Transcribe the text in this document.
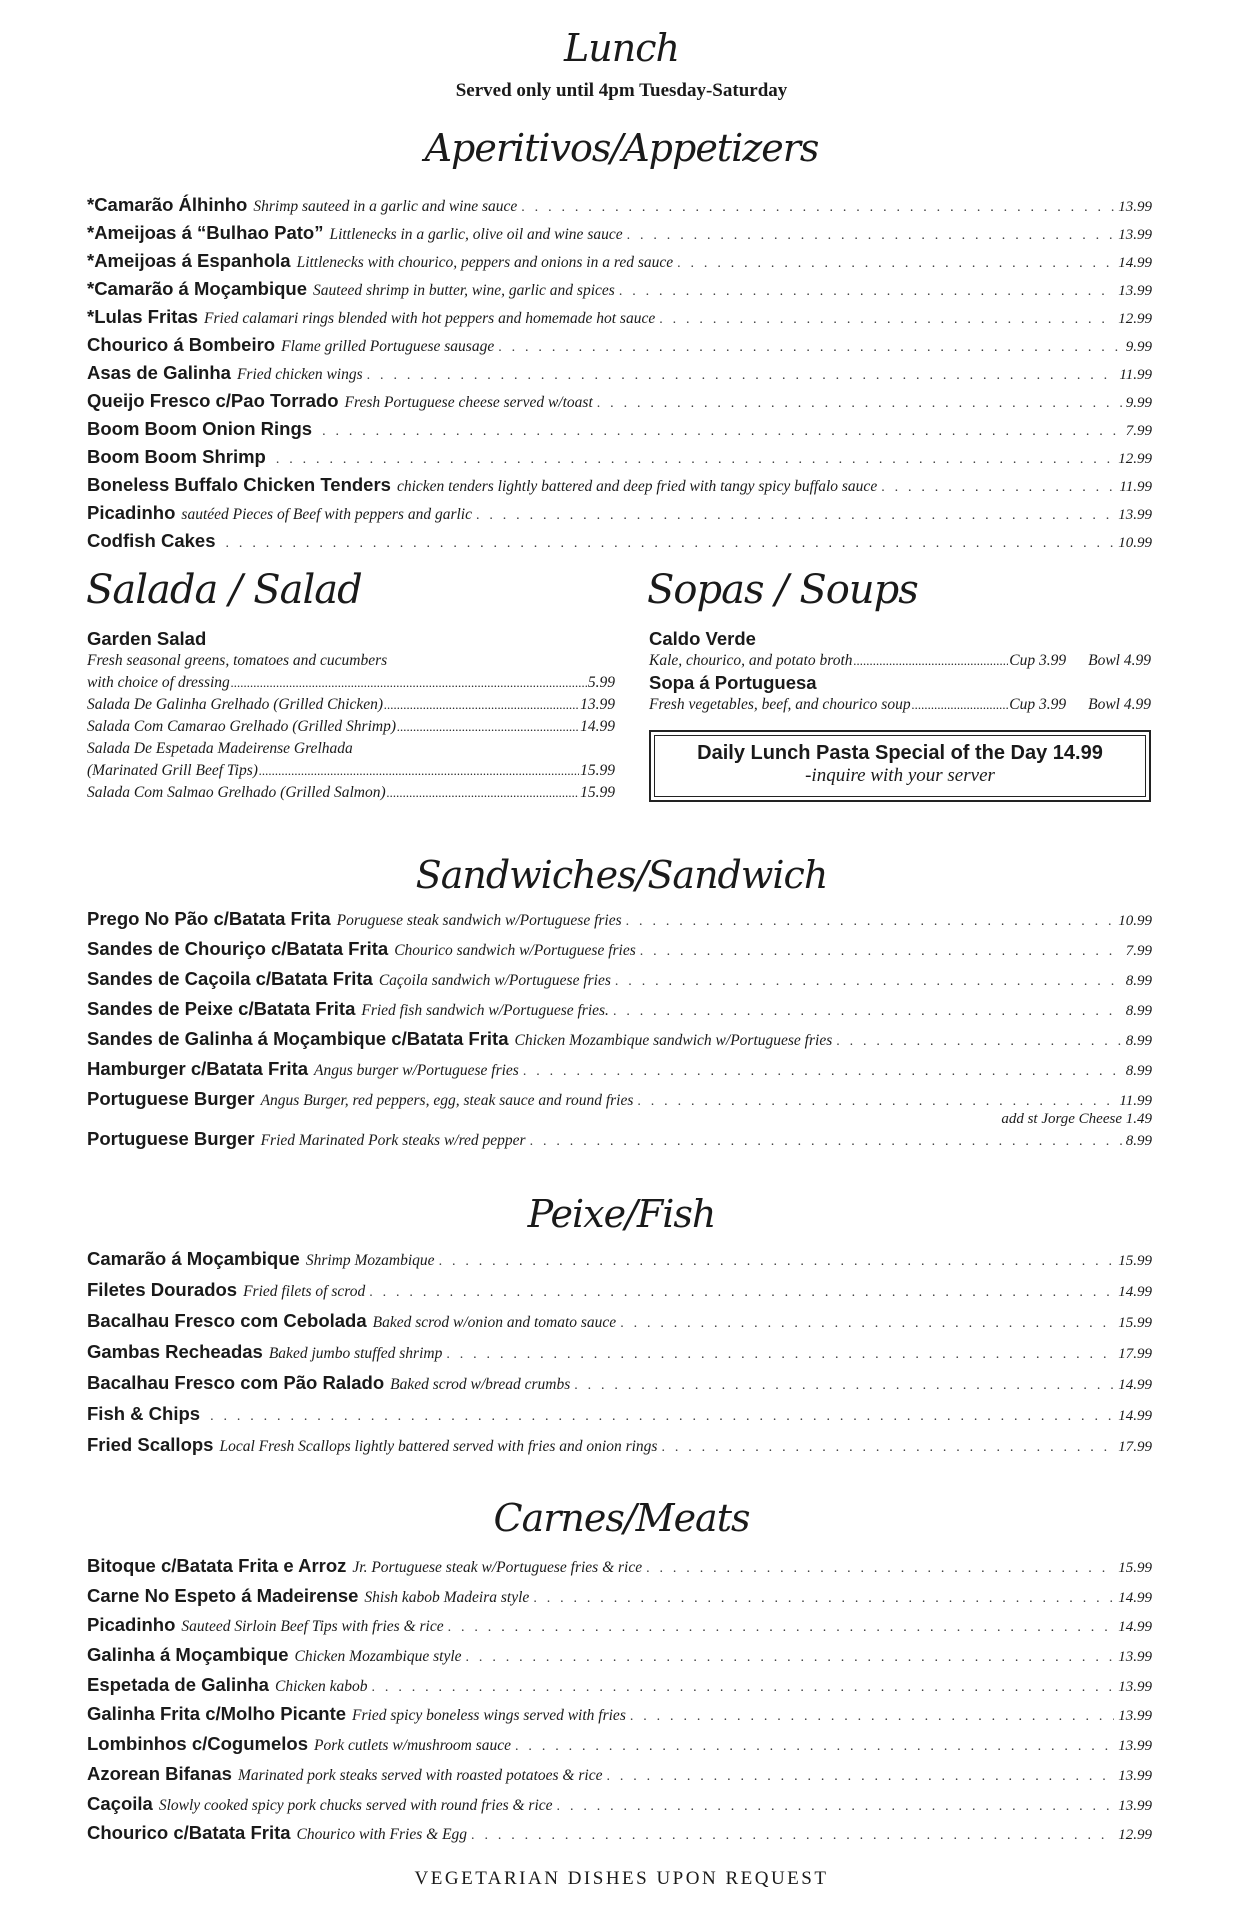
Lunch
Served only until 4pm Tuesday-Saturday
Aperitivos/Appetizers
*Camarão Álhinho Shrimp sauteed in a garlic and wine sauce . . .	13.99
*Ameijoas á “Bulhao Pato” Littlenecks in a garlic, olive oil and wine sauce . . .	13.99
*Ameijoas á Espanhola Littlenecks with chourico, peppers and onions in a red sauce . . .	14.99
*Camarão á Moçambique Sauteed shrimp in butter, wine, garlic and spices . . .	13.99
*Lulas Fritas Fried calamari rings blended with hot peppers and homemade hot sauce . . .	12.99
Chourico á Bombeiro Flame grilled Portuguese sausage . . .	9.99
Asas de Galinha Fried chicken wings . . .	11.99
Queijo Fresco c/Pao Torrado Fresh Portuguese cheese served w/toast . . .	9.99
Boom Boom Onion Rings . . .	7.99
Boom Boom Shrimp . . .	12.99
Boneless Buffalo Chicken Tenders chicken tenders lightly battered and deep fried with tangy spicy buffalo sauce . . .	11.99
Picadinho sautéed Pieces of Beef with peppers and garlic . . .	13.99
Codfish Cakes . . .	10.99
Salada / Salad
Garden Salad
Fresh seasonal greens, tomatoes and cucumbers
with choice of dressing .....	5.99
Salada De Galinha Grelhado (Grilled Chicken) .....	13.99
Salada Com Camarao Grelhado (Grilled Shrimp) .....	14.99
Salada De Espetada Madeirense Grelhada
(Marinated Grill Beef Tips) .....	15.99
Salada Com Salmao Grelhado (Grilled Salmon) .....	15.99
Sopas / Soups
Caldo Verde
Kale, chourico, and potato broth .....	Cup 3.99 Bowl 4.99
Sopa á Portuguesa
Fresh vegetables, beef, and chourico soup .....	Cup 3.99 Bowl 4.99
Daily Lunch Pasta Special of the Day 14.99
-inquire with your server
Sandwiches/Sandwich
Prego No Pão c/Batata Frita Poruguese steak sandwich w/Portuguese fries . . .	10.99
Sandes de Chouriço c/Batata Frita Chourico sandwich w/Portuguese fries . . .	7.99
Sandes de Caçoila c/Batata Frita Caçoila sandwich w/Portuguese fries . . .	8.99
Sandes de Peixe c/Batata Frita Fried fish sandwich w/Portuguese fries. . . .	8.99
Sandes de Galinha á Moçambique c/Batata Frita Chicken Mozambique sandwich w/Portuguese fries . . .	8.99
Hamburger c/Batata Frita Angus burger w/Portuguese fries . . .	8.99
Portuguese Burger Angus Burger, red peppers, egg, steak sauce and round fries . . .	11.99
add st Jorge Cheese 1.49
Portuguese Burger Fried Marinated Pork steaks w/red pepper . . .	8.99
Peixe/Fish
Camarão á Moçambique Shrimp Mozambique . . .	15.99
Filetes Dourados Fried filets of scrod . . .	14.99
Bacalhau Fresco com Cebolada Baked scrod w/onion and tomato sauce . . .	15.99
Gambas Recheadas Baked jumbo stuffed shrimp . . .	17.99
Bacalhau Fresco com Pão Ralado Baked scrod w/bread crumbs . . .	14.99
Fish & Chips . . .	14.99
Fried Scallops Local Fresh Scallops lightly battered served with fries and onion rings . . .	17.99
Carnes/Meats
Bitoque c/Batata Frita e Arroz Jr. Portuguese steak w/Portuguese fries & rice . . .	15.99
Carne No Espeto á Madeirense Shish kabob Madeira style . . .	14.99
Picadinho Sauteed Sirloin Beef Tips with fries & rice . . .	14.99
Galinha á Moçambique Chicken Mozambique style . . .	13.99
Espetada de Galinha Chicken kabob . . .	13.99
Galinha Frita c/Molho Picante Fried spicy boneless wings served with fries . . .	13.99
Lombinhos c/Cogumelos Pork cutlets w/mushroom sauce . . .	13.99
Azorean Bifanas Marinated pork steaks served with roasted potatoes & rice . . .	13.99
Caçoila Slowly cooked spicy pork chucks served with round fries & rice . . .	13.99
Chourico c/Batata Frita Chourico with Fries & Egg . . .	12.99
VEGETARIAN DISHES UPON REQUEST
